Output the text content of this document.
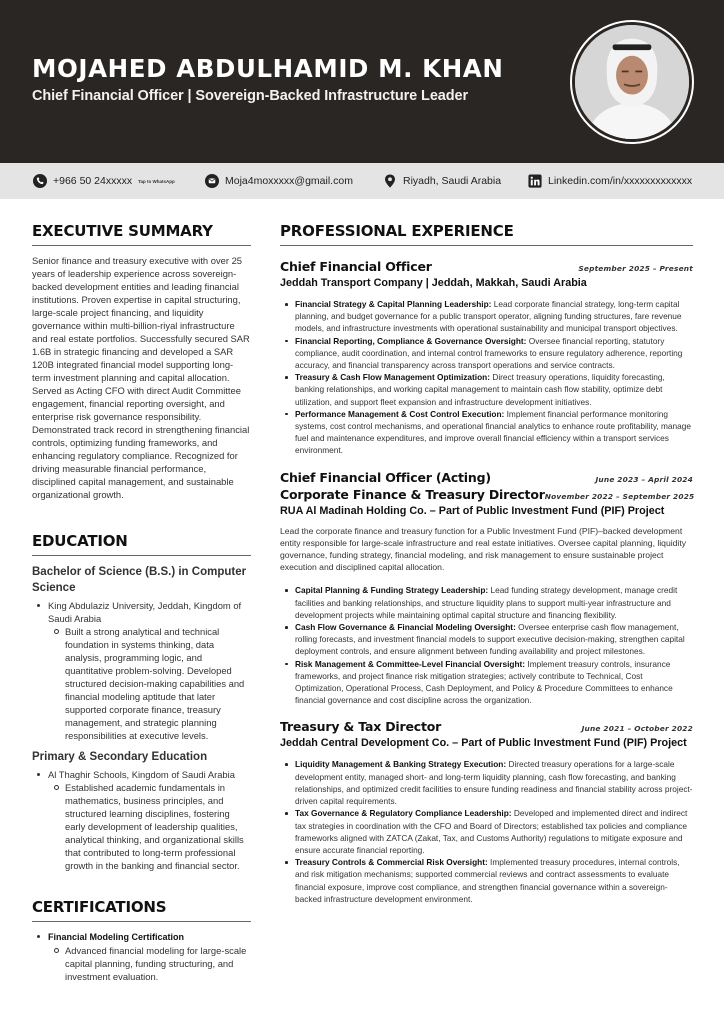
MOJAHED ABDULHAMID M. KHAN
Chief Financial Officer | Sovereign-Backed Infrastructure Leader
+966 50 24xxxxx Tap to WhatsApp	Moja4moxxxxx@gmail.com	Riyadh, Saudi Arabia	Linkedin.com/in/xxxxxxxxxxxxx
EXECUTIVE SUMMARY

Senior finance and treasury executive with over 25 years of leadership experience across sovereign-backed development entities and leading financial institutions. Proven expertise in capital structuring, large-scale project financing, and liquidity governance within multi-billion-riyal infrastructure and real estate portfolios. Successfully secured SAR 1.6B in strategic financing and developed a SAR 120B integrated financial model supporting long-term investment planning and capital allocation. Served as Acting CFO with direct Audit Committee engagement, financial reporting oversight, and enterprise risk governance responsibility. Demonstrated track record in strengthening financial controls, optimizing funding frameworks, and enhancing regulatory compliance. Recognized for driving measurable financial performance, disciplined capital management, and sustainable organizational growth.

EDUCATION
Bachelor of Science (B.S.) in Computer Science
King Abdulaziz University, Jeddah, Kingdom of Saudi Arabia
Built a strong analytical and technical foundation in systems thinking, data analysis, programming logic, and quantitative problem-solving. Developed structured decision-making capabilities and financial modeling aptitude that later supported corporate finance, treasury management, and strategic planning responsibilities at executive levels.
Primary & Secondary Education
Al Thaghir Schools, Kingdom of Saudi Arabia
Established academic fundamentals in mathematics, business principles, and structured learning disciplines, fostering early development of leadership qualities, analytical thinking, and organizational skills that contributed to long-term professional growth in the banking and financial sector.
CERTIFICATIONS
Financial Modeling Certification
Advanced financial modeling for large-scale capital planning, funding structuring, and investment evaluation.
PROFESSIONAL EXPERIENCE
Chief Financial Officer	September 2025 – Present
Jeddah Transport Company | Jeddah, Makkah, Saudi Arabia
Financial Strategy & Capital Planning Leadership: Lead corporate financial strategy, long-term capital planning, and budget governance for a public transport operator, aligning funding structures, fare revenue models, and infrastructure investments with operational sustainability and municipal transport objectives.
Financial Reporting, Compliance & Governance Oversight: Oversee financial reporting, statutory compliance, audit coordination, and internal control frameworks to ensure regulatory adherence, reporting accuracy, and financial transparency across transport operations and service contracts.
Treasury & Cash Flow Management Optimization: Direct treasury operations, liquidity forecasting, banking relationships, and working capital management to maintain cash flow stability, optimize debt utilization, and support fleet expansion and infrastructure development initiatives.
Performance Management & Cost Control Execution: Implement financial performance monitoring systems, cost control mechanisms, and operational financial analytics to enhance route profitability, manage fuel and maintenance expenditures, and improve overall financial efficiency within a transport services environment.
Chief Financial Officer (Acting)	June 2023 – April 2024
Corporate Finance & Treasury Director November 2022 – September 2025
RUA Al Madinah Holding Co. – Part of Public Investment Fund (PIF) Project

Lead the corporate finance and treasury function for a Public Investment Fund (PIF)–backed development entity responsible for large-scale infrastructure and real estate initiatives. Oversee capital planning, liquidity governance, funding strategy, financial modeling, and risk management to ensure sustainable project execution and disciplined capital allocation.

Capital Planning & Funding Strategy Leadership: Lead funding strategy development, manage credit facilities and banking relationships, and structure liquidity plans to support multi-year infrastructure and development projects while maintaining optimal capital structure and financing flexibility.
Cash Flow Governance & Financial Modeling Oversight: Oversee enterprise cash flow management, rolling forecasts, and investment financial models to support executive decision-making, strengthen capital deployment controls, and ensure alignment between funding availability and project milestones.
Risk Management & Committee-Level Financial Oversight: Implement treasury controls, insurance frameworks, and project finance risk mitigation strategies; actively contribute to Technical, Cost Optimization, Operational Process, Cash Deployment, and Policy & Procedure Committees to enhance financial governance and cost discipline across the organization.
Treasury & Tax Director	June 2021 – October 2022
Jeddah Central Development Co. – Part of Public Investment Fund (PIF) Project
Liquidity Management & Banking Strategy Execution: Directed treasury operations for a large-scale development entity, managed short- and long-term liquidity planning, cash flow forecasting, and banking relationships, and optimized credit facilities to ensure funding readiness and financial stability across project-driven capital requirements.
Tax Governance & Regulatory Compliance Leadership: Developed and implemented direct and indirect tax strategies in coordination with the CFO and Board of Directors; established tax policies and compliance frameworks aligned with ZATCA (Zakat, Tax, and Customs Authority) regulations to mitigate exposure and ensure accurate financial reporting.
Treasury Controls & Commercial Risk Oversight: Implemented treasury procedures, internal controls, and risk mitigation mechanisms; supported commercial reviews and contract assessments to evaluate financial exposure, improve cost compliance, and strengthen financial governance within a sovereign-backed infrastructure development environment.
